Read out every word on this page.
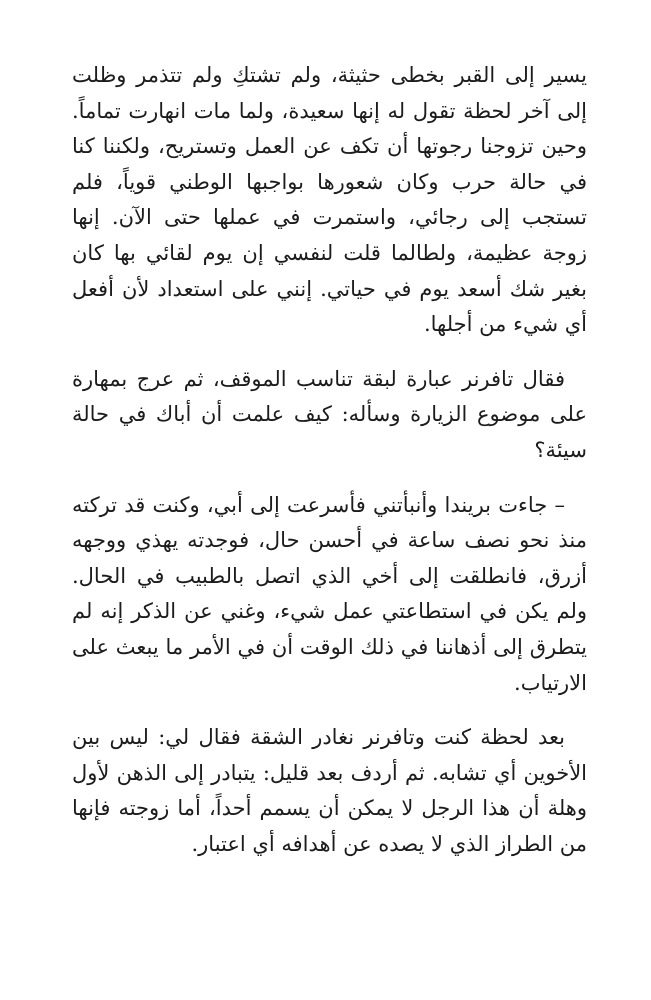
يسير إلى القبر بخطى حثيثة، ولم تشتكِ ولم تتذمر وظلت إلى آخر لحظة تقول له إنها سعيدة، ولما مات انهارت تماماً. وحين تزوجنا رجوتها أن تكف عن العمل وتستريح، ولكننا كنا في حالة حرب وكان شعورها بواجبها الوطني قوياً، فلم تستجب إلى رجائي، واستمرت في عملها حتى الآن. إنها زوجة عظيمة، ولطالما قلت لنفسي إن يوم لقائي بها كان بغير شك أسعد يوم في حياتي. إنني على استعداد لأن أفعل أي شيء من أجلها.

فقال تافرنر عبارة لبقة تناسب الموقف، ثم عرج بمهارة على موضوع الزيارة وسأله: كيف علمت أن أباك في حالة سيئة؟

– جاءت بريندا وأنبأتني فأسرعت إلى أبي، وكنت قد تركته منذ نحو نصف ساعة في أحسن حال، فوجدته يهذي ووجهه أزرق، فانطلقت إلى أخي الذي اتصل بالطبيب في الحال. ولم يكن في استطاعتي عمل شيء، وغني عن الذكر إنه لم يتطرق إلى أذهاننا في ذلك الوقت أن في الأمر ما يبعث على الارتياب.

بعد لحظة كنت وتافرنر نغادر الشقة فقال لي: ليس بين الأخوين أي تشابه. ثم أردف بعد قليل: يتبادر إلى الذهن لأول وهلة أن هذا الرجل لا يمكن أن يسمم أحداً، أما زوجته فإنها من الطراز الذي لا يصده عن أهدافه أي اعتبار.
